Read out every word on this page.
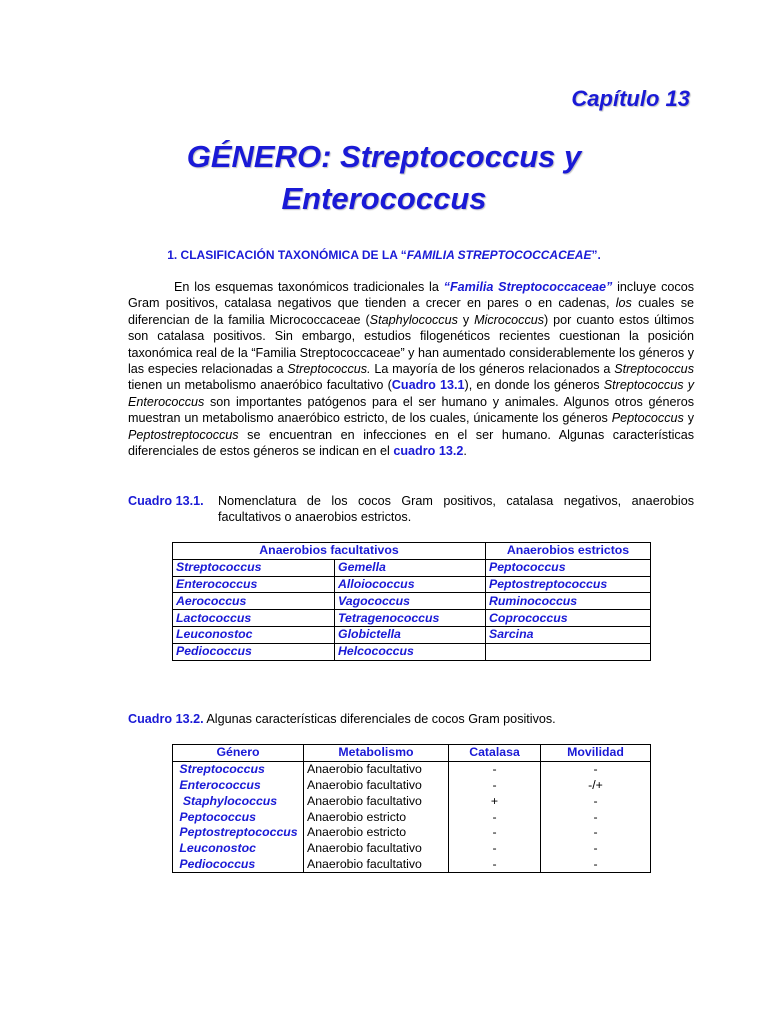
Capítulo 13
GÉNERO: Streptococcus y
Enterococcus
1. CLASIFICACIÓN TAXONÓMICA DE LA “FAMILIA STREPTOCOCCACEAE”.
En los esquemas taxonómicos tradicionales la “Familia Streptococcaceae” incluye cocos Gram positivos, catalasa negativos que tienden a crecer en pares o en cadenas, los cuales se diferencian de la familia Micrococcaceae (Staphylococcus y Micrococcus) por cuanto estos últimos son catalasa positivos. Sin embargo, estudios filogenéticos recientes cuestionan la posición taxonómica real de la “Familia Streptococcaceae” y han aumentado considerablemente los géneros y las especies relacionadas a Streptococcus. La mayoría de los géneros relacionados a Streptococcus tienen un metabolismo anaeróbico facultativo (Cuadro 13.1), en donde los géneros Streptococcus y Enterococcus son importantes patógenos para el ser humano y animales. Algunos otros géneros muestran un metabolismo anaeróbico estricto, de los cuales, únicamente los géneros Peptococcus y Peptostreptococcus se encuentran en infecciones en el ser humano. Algunas características diferenciales de estos géneros se indican en el cuadro 13.2.
Cuadro 13.1.	Nomenclatura de los cocos Gram positivos, catalasa negativos, anaerobios facultativos o anaerobios estrictos.
Anaerobios facultativos		Anaerobios estrictos
Streptococcus	Gemella	Peptococcus
Enterococcus	Alloiococcus	Peptostreptococcus
Aerococcus	Vagococcus	Ruminococcus
Lactococcus	Tetragenococcus	Coprococcus
Leuconostoc	Globictella	Sarcina
Pediococcus	Helcococcus	
Cuadro 13.2. Algunas características diferenciales de cocos Gram positivos.
Género	Metabolismo	Catalasa	Movilidad
Streptococcus	Anaerobio facultativo	-	-
Enterococcus	Anaerobio facultativo	-	-/+
Staphylococcus	Anaerobio facultativo	+	-
Peptococcus	Anaerobio estricto	-	-
Peptostreptococcus	Anaerobio estricto	-	-
Leuconostoc	Anaerobio facultativo	-	-
Pediococcus	Anaerobio facultativo	-	-
